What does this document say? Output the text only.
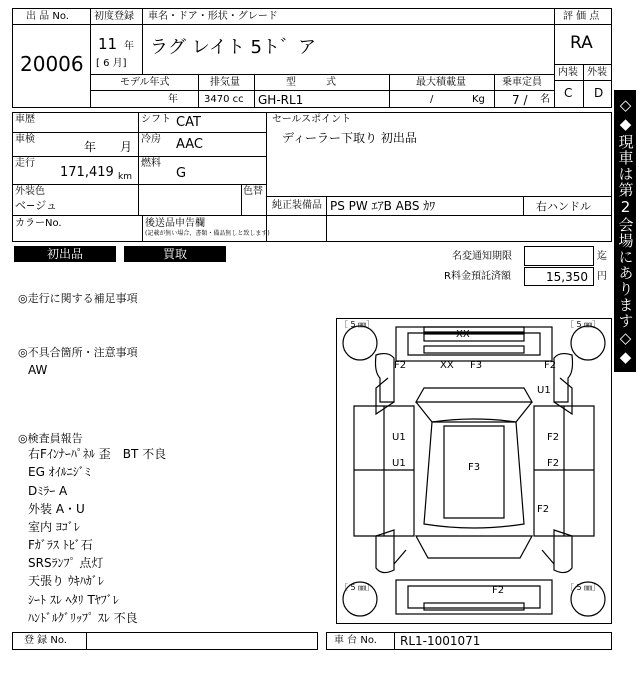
出 品 No.
20006
初度登録
11 年
[ 6 月]
車名・ドア・形状・グレード
ラグ レイト 5ト゛ア
評 価 点
RA
内装 外装
C D
モデル年式
年
排気量
3470 cc
型　　　式
GH-RL1
最大積載量
/	Kg
乗車定員
7 / 名
車歴
車検
年　　月
走行
171,419 km
外装色
ベ−ジュ
色替
カラーNo.
シフト CAT
冷房 AAC
燃料
G
セールスポイント
ディーラー下取り 初出品
純正装備品 PS PW ｴｱB ABS ｶﾜ	右ハンドル
後送品申告欄
(記載が無い場合，書類・備品無しと致します)
初出品	買取	名変通知期限	迄
R料金預託済額	15,350 円
◎走行に関する補足事項
◎不具合箇所・注意事項
AW
◎検査員報告
右Fｲﾝﾅｰﾊﾟﾈﾙ 歪　BT 不良
EG ｵｲﾙﾆｼﾞﾐ
Dﾐﾗｰ A
外装 A・U
室内 ﾖｺﾞﾚ
Fｶﾞﾗｽ ﾄﾋﾞ石
SRSﾗﾝﾌﾟ 点灯
天張り ｳｷﾊｶﾞﾚ
ｼｰﾄ ｽﾚ ﾍﾀﾘ Tﾔﾌﾞﾚ
ﾊﾝﾄﾞﾙｸﾞﾘｯﾌﾟ ｽﾚ 不良
［ 5 ㎜］	［ 5 ㎜］
［ 5 ㎜］	［ 5 ㎜］
XX
F2	XX F3	F2
U1
U1	F2
U1	F3	F2
F2
F2
登 録 No.	車 台 No. RL1-1001071
◇◆現車は第2会場にあります◇◆
